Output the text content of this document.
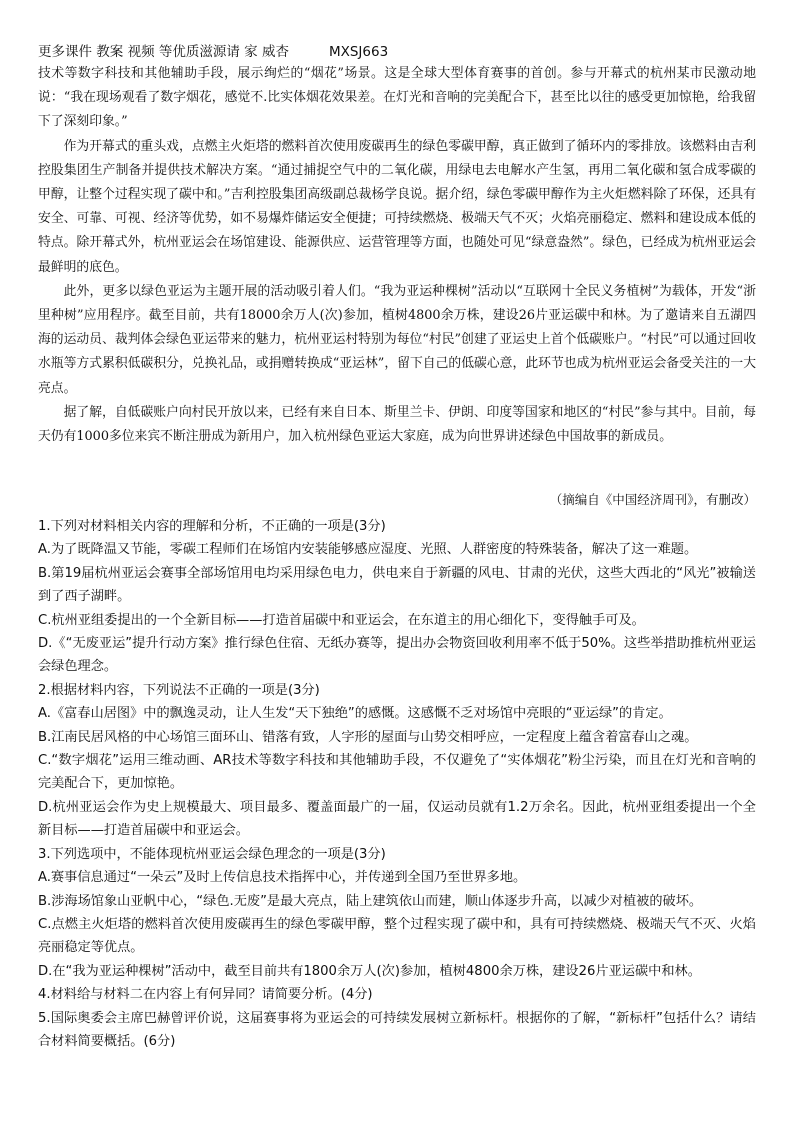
更多课件 教案 视频 等优质滋源请 家 威杏	MXSJ663

技术等数字科技和其他辅助手段，展示绚烂的“烟花”场景。这是全球大型体育赛事的首创。参与开幕式的杭州某市民激动地说：“我在现场观看了数字烟花，感觉不.比实体烟花效果差。在灯光和音响的完美配合下，甚至比以往的感受更加惊艳，给我留下了深刻印象。”

作为开幕式的重头戏，点燃主火炬塔的燃料首次使用废碳再生的绿色零碳甲醇，真正做到了循环内的零排放。该燃料由吉利控股集团生产制备并提供技术解决方案。“通过捕捉空气中的二氧化碳，用绿电去电解水产生氢，再用二氧化碳和氢合成零碳的甲醇，让整个过程实现了碳中和。”吉利控股集团高级副总裁杨学良说。据介绍，绿色零碳甲醇作为主火炬燃料除了环保，还具有安全、可靠、可视、经济等优势，如不易爆炸储运安全便捷；可持续燃烧、极端天气不灭；火焰亮丽稳定、燃料和建设成本低的特点。除开幕式外，杭州亚运会在场馆建设、能源供应、运营管理等方面，也随处可见“绿意盎然”。绿色，已经成为杭州亚运会最鲜明的底色。

此外，更多以绿色亚运为主题开展的活动吸引着人们。“我为亚运种棵树”活动以“互联网十全民义务植树”为载体，开发“浙里种树”应用程序。截至目前，共有18000余万人(次)参加，植树4800余万株，建设26片亚运碳中和林。为了邀请来自五湖四海的运动员、裁判体会绿色亚运带来的魅力，杭州亚运村特别为每位“村民”创建了亚运史上首个低碳账户。“村民”可以通过回收水瓶等方式累积低碳积分，兑换礼品，或捐赠转换成“亚运林”，留下自己的低碳心意，此环节也成为杭州亚运会备受关注的一大亮点。

据了解，自低碳账户向村民开放以来，已经有来自日本、斯里兰卡、伊朗、印度等国家和地区的“村民”参与其中。目前，每天仍有1000多位来宾不断注册成为新用户，加入杭州绿色亚运大家庭，成为向世界讲述绿色中国故事的新成员。

（摘编自《中国经济周刊》，有删改）

1.下列对材料相关内容的理解和分析，不正确的一项是(3分)

A.为了既降温又节能，零碳工程师们在场馆内安装能够感应湿度、光照、人群密度的特殊装备，解决了这一难题。

B.第19届杭州亚运会赛事全部场馆用电均采用绿色电力，供电来自于新疆的风电、甘肃的光伏，这些大西北的“风光”被输送到了西子湖畔。

C.杭州亚组委提出的一个全新目标——打造首届碳中和亚运会，在东道主的用心细化下，变得触手可及。

D.《“无废亚运”提升行动方案》推行绿色住宿、无纸办赛等，提出办会物资回收利用率不低于50%。这些举措助推杭州亚运会绿色理念。

2.根据材料内容，下列说法不正确的一项是(3分)

A.《富春山居图》中的飘逸灵动，让人生发“天下独绝”的感慨。这感慨不乏对场馆中亮眼的“亚运绿”的肯定。

B.江南民居风格的中心场馆三面环山、错落有致，人字形的屋面与山势交相呼应，一定程度上蕴含着富春山之魂。

C.“数字烟花”运用三维动画、AR技术等数字科技和其他辅助手段，不仅避免了“实体烟花”粉尘污染，而且在灯光和音响的完美配合下，更加惊艳。

D.杭州亚运会作为史上规模最大、项目最多、覆盖面最广的一届，仅运动员就有1.2万余名。因此，杭州亚组委提出一个全新目标——打造首届碳中和亚运会。

3.下列选项中，不能体现杭州亚运会绿色理念的一项是(3分)

A.赛事信息通过“一朵云”及时上传信息技术指挥中心，并传递到全国乃至世界多地。

B.涉海场馆象山亚帆中心，“绿色.无废”是最大亮点，陆上建筑依山而建，顺山体逐步升高，以减少对植被的破坏。

C.点燃主火炬塔的燃料首次使用废碳再生的绿色零碳甲醇，整个过程实现了碳中和，具有可持续燃烧、极端天气不灭、火焰亮丽稳定等优点。

D.在“我为亚运种棵树”活动中，截至目前共有1800余万人(次)参加，植树4800余万株，建设26片亚运碳中和林。

4.材料给与材料二在内容上有何异同？请简要分析。(4分)

5.国际奥委会主席巴赫曾评价说，这届赛事将为亚运会的可持续发展树立新标杆。根据你的了解，“新标杆”包括什么？请结合材料简要概括。(6分)
